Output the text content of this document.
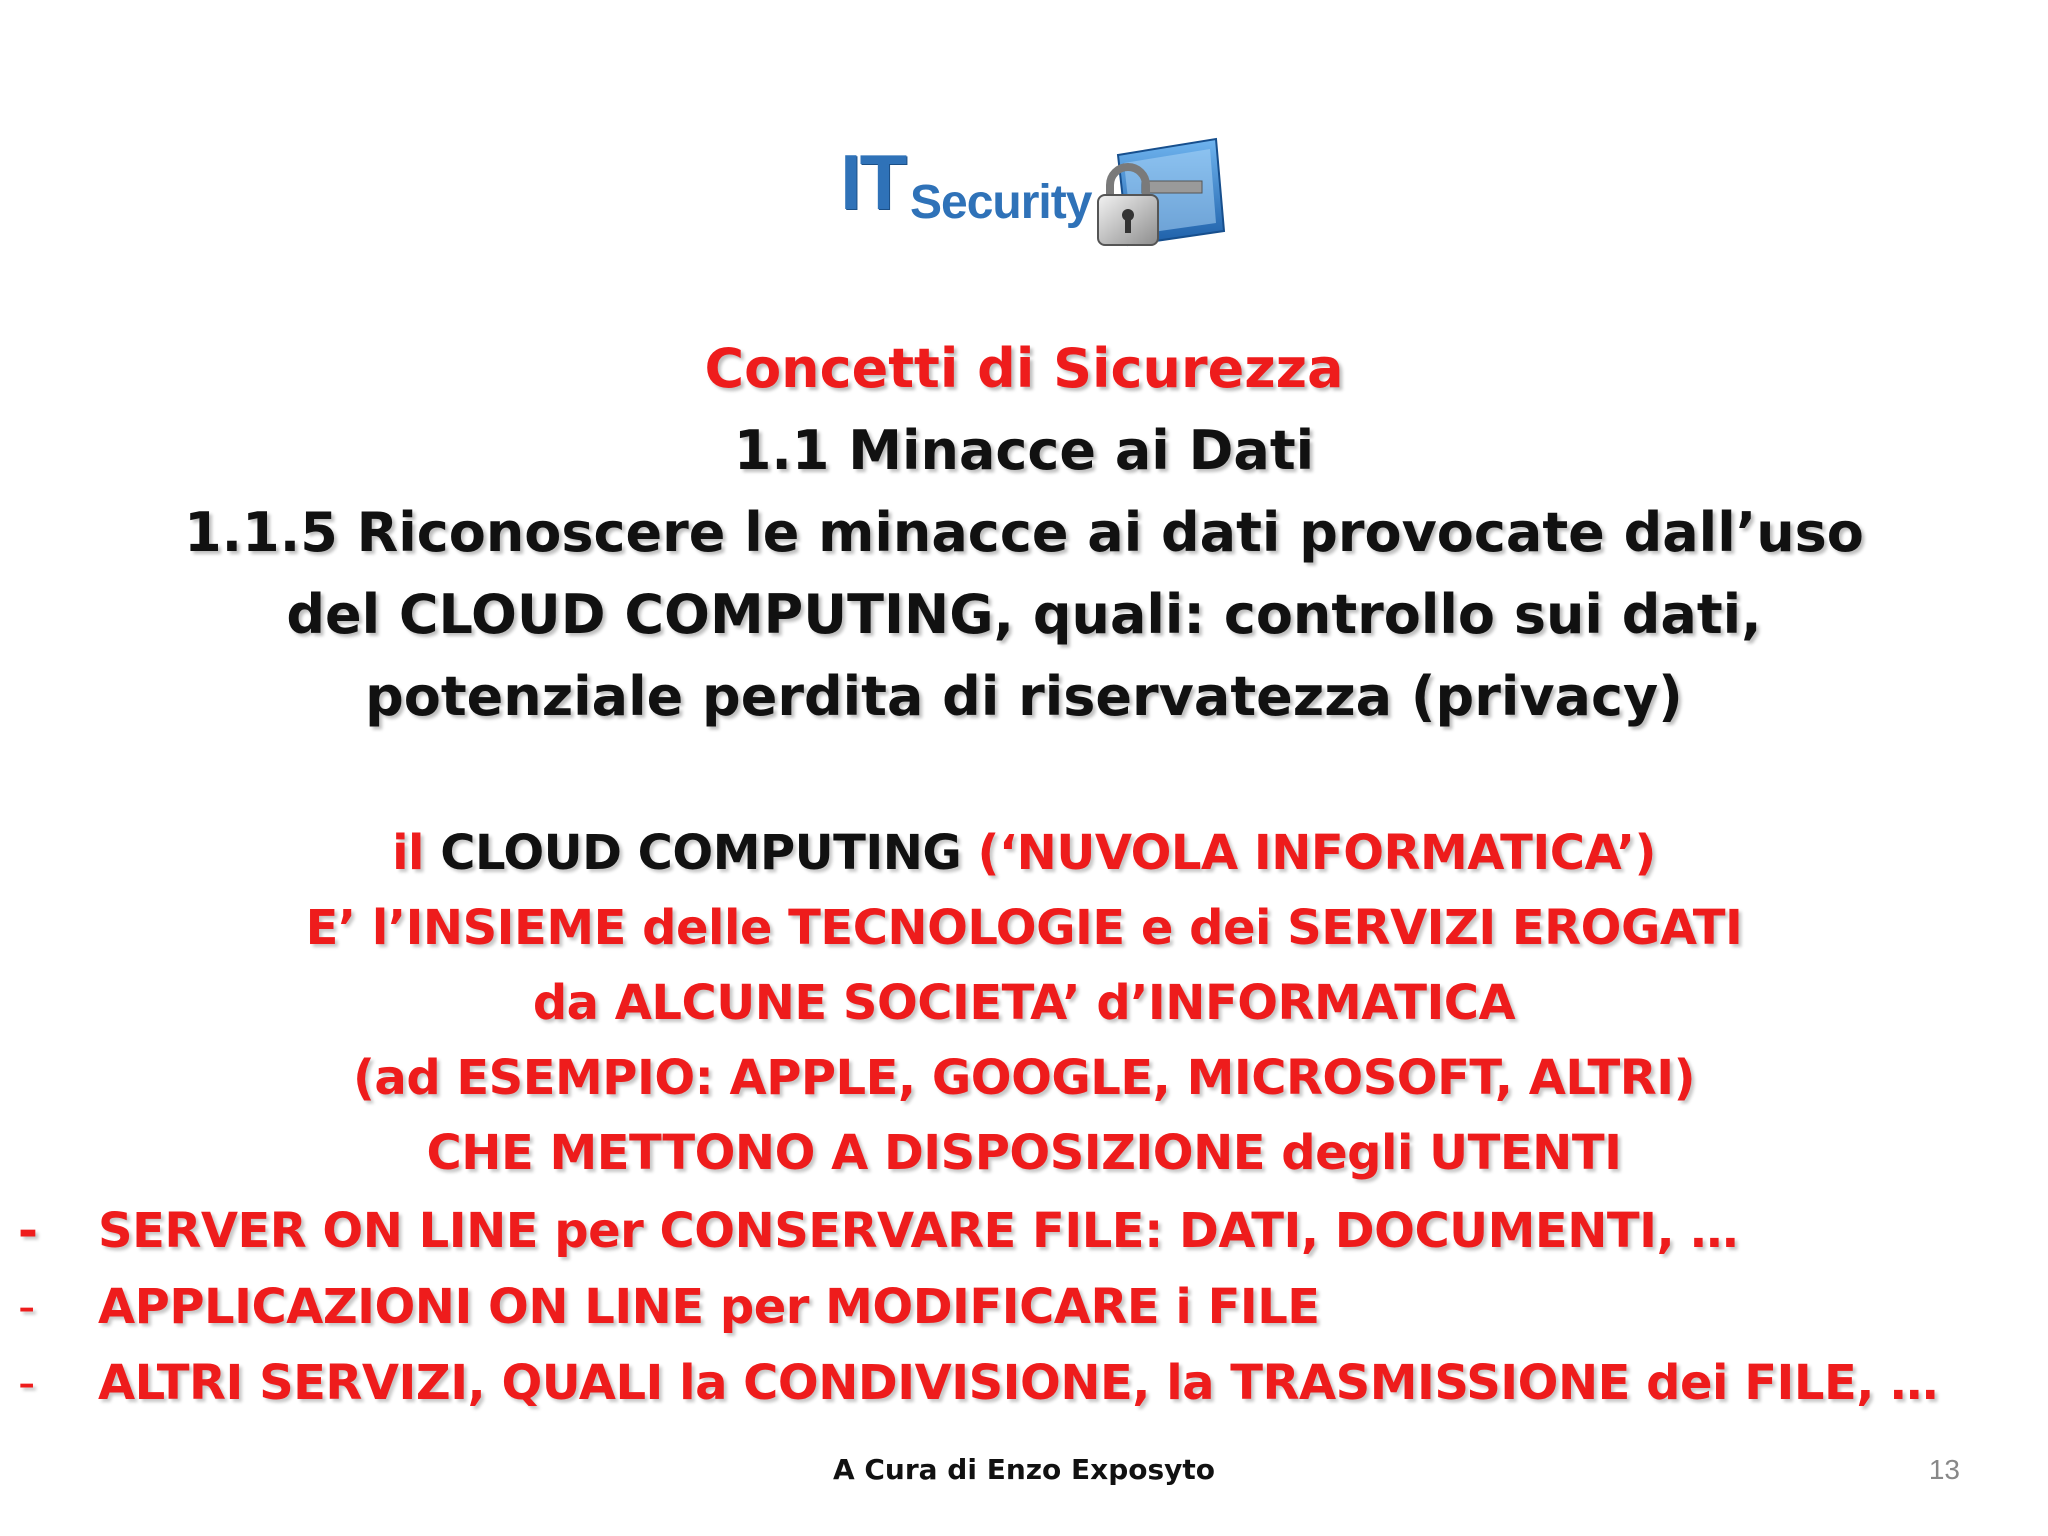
IT Security
Concetti di Sicurezza
1.1 Minacce ai Dati
1.1.5 Riconoscere le minacce ai dati provocate dall’uso
del CLOUD COMPUTING, quali: controllo sui dati,
potenziale perdita di riservatezza (privacy)
il CLOUD COMPUTING (‘NUVOLA INFORMATICA’)
E’ l’INSIEME delle TECNOLOGIE e dei SERVIZI EROGATI
da ALCUNE SOCIETA’ d’INFORMATICA
(ad ESEMPIO: APPLE, GOOGLE, MICROSOFT, ALTRI)
CHE METTONO A DISPOSIZIONE degli UTENTI
- SERVER ON LINE per CONSERVARE FILE: DATI, DOCUMENTI, …
- APPLICAZIONI ON LINE per MODIFICARE i FILE
- ALTRI SERVIZI, QUALI la CONDIVISIONE, la TRASMISSIONE dei FILE, …
A Cura di Enzo Exposyto	13
